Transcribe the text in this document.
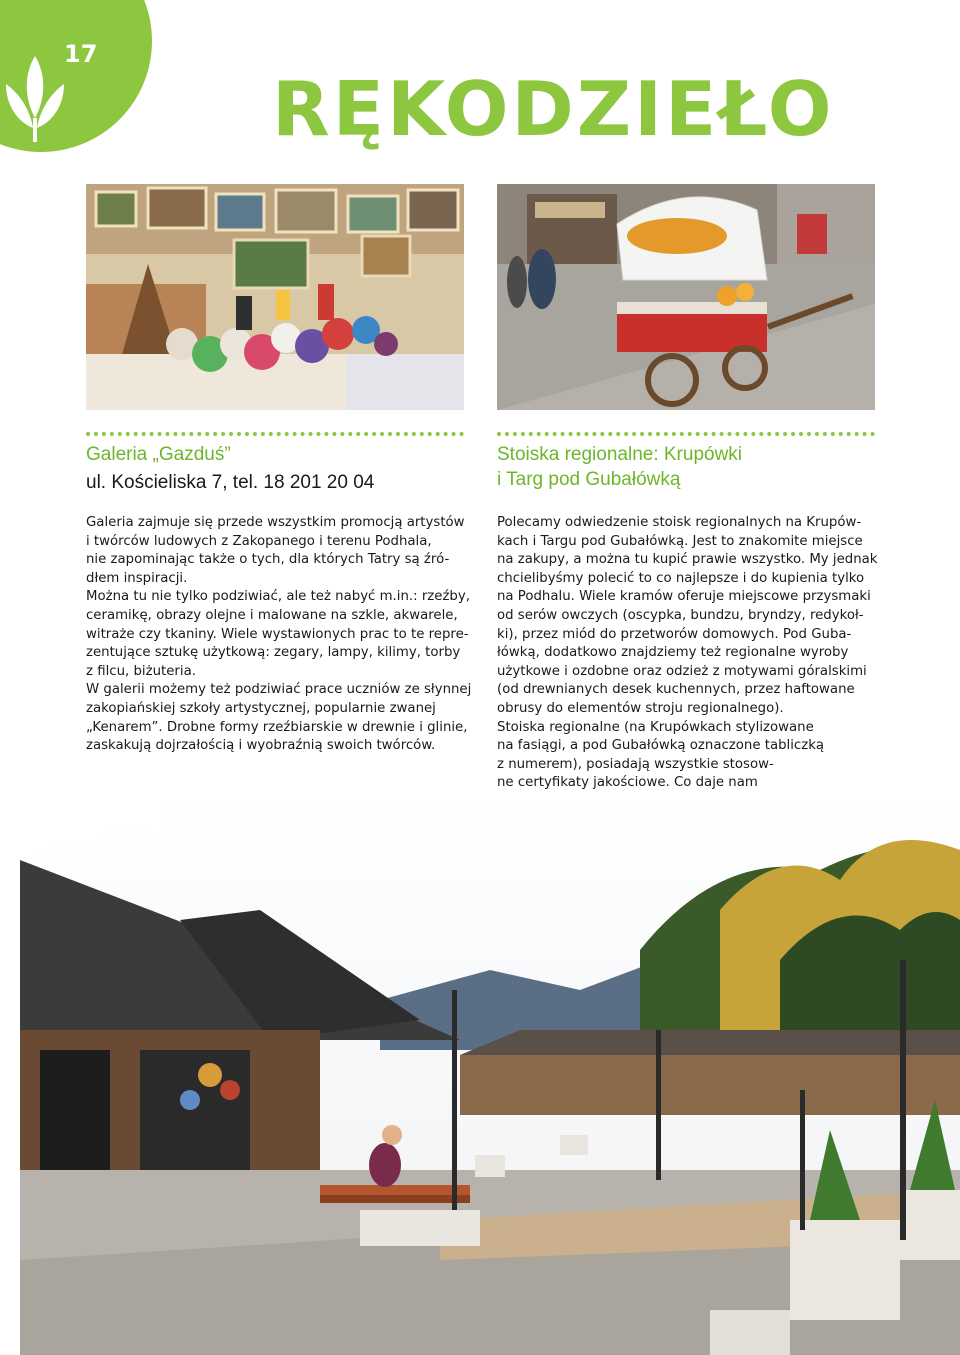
17
RĘKODZIEŁO
Galeria „Gazduś”
ul. Kościeliska 7, tel. 18 201 20 04
Stoiska regionalne: Krupówki
i Targ pod Gubałówką

Galeria zajmuje się przede wszystkim promocją artystów
i twórców ludowych z Zakopanego i terenu Podhala,
nie zapominając także o tych, dla których Tatry są źró-
dłem inspiracji.

Można tu nie tylko podziwiać, ale też nabyć m.in.: rzeźby,
ceramikę, obrazy olejne i malowane na szkle, akwarele,
witraże czy tkaniny. Wiele wystawionych prac to te repre-
zentujące sztukę użytkową: zegary, lampy, kilimy, torby
z filcu, biżuteria.

W galerii możemy też podziwiać prace uczniów ze słynnej
zakopiańskiej szkoły artystycznej, popularnie zwanej
„Kenarem”. Drobne formy rzeźbiarskie w drewnie i glinie,
zaskakują dojrzałością i wyobraźnią swoich twórców.

Polecamy odwiedzenie stoisk regionalnych na Krupów-
kach i Targu pod Gubałówką. Jest to znakomite miejsce
na zakupy, a można tu kupić prawie wszystko. My jednak
chcielibyśmy polecić to co najlepsze i do kupienia tylko
na Podhalu. Wiele kramów oferuje miejscowe przysmaki
od serów owczych (oscypka, bundzu, bryndzy, redykoł-
ki), przez miód do przetworów domowych. Pod Guba-
łówką, dodatkowo znajdziemy też regionalne wyroby
użytkowe i ozdobne oraz odzież z motywami góralskimi
(od drewnianych desek kuchennych, przez haftowane
obrusy do elementów stroju regionalnego).

Stoiska regionalne (na Krupówkach stylizowane
na fasiągi, a pod Gubałówką oznaczone tabliczką
z numerem), posiadają wszystkie stosow-
ne certyfikaty jakościowe. Co daje nam
